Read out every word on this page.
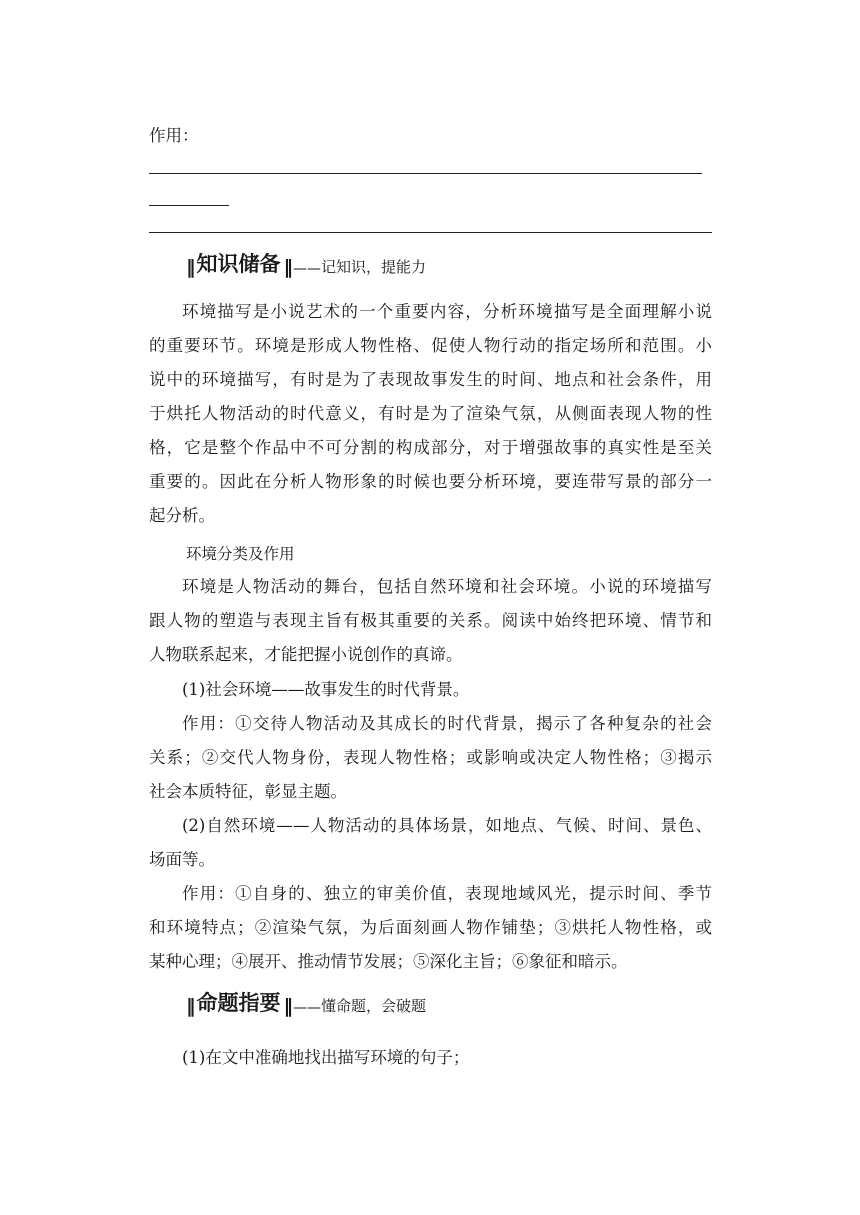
作用：
‖ 知识储备 ‖ —— 记知识，提能力
环境描写是小说艺术的一个重要内容，分析环境描写是全面理解小说
的重要环节。环境是形成人物性格、促使人物行动的指定场所和范围。小
说中的环境描写，有时是为了表现故事发生的时间、地点和社会条件，用
于烘托人物活动的时代意义，有时是为了渲染气氛，从侧面表现人物的性
格，它是整个作品中不可分割的构成部分，对于增强故事的真实性是至关
重要的。因此在分析人物形象的时候也要分析环境，要连带写景的部分一
起分析。
环境分类及作用
环境是人物活动的舞台，包括自然环境和社会环境。小说的环境描写
跟人物的塑造与表现主旨有极其重要的关系。阅读中始终把环境、情节和
人物联系起来，才能把握小说创作的真谛。
(1)社会环境——故事发生的时代背景。
作用：①交待人物活动及其成长的时代背景，揭示了各种复杂的社会
关系；②交代人物身份，表现人物性格；或影响或决定人物性格；③揭示
社会本质特征，彰显主题。
(2)自然环境——人物活动的具体场景，如地点、气候、时间、景色、
场面等。
作用：①自身的、独立的审美价值，表现地域风光，提示时间、季节
和环境特点；②渲染气氛，为后面刻画人物作铺垫；③烘托人物性格，或
某种心理；④展开、推动情节发展；⑤深化主旨；⑥象征和暗示。
‖ 命题指要 ‖ —— 懂命题，会破题
(1)在文中准确地找出描写环境的句子；
